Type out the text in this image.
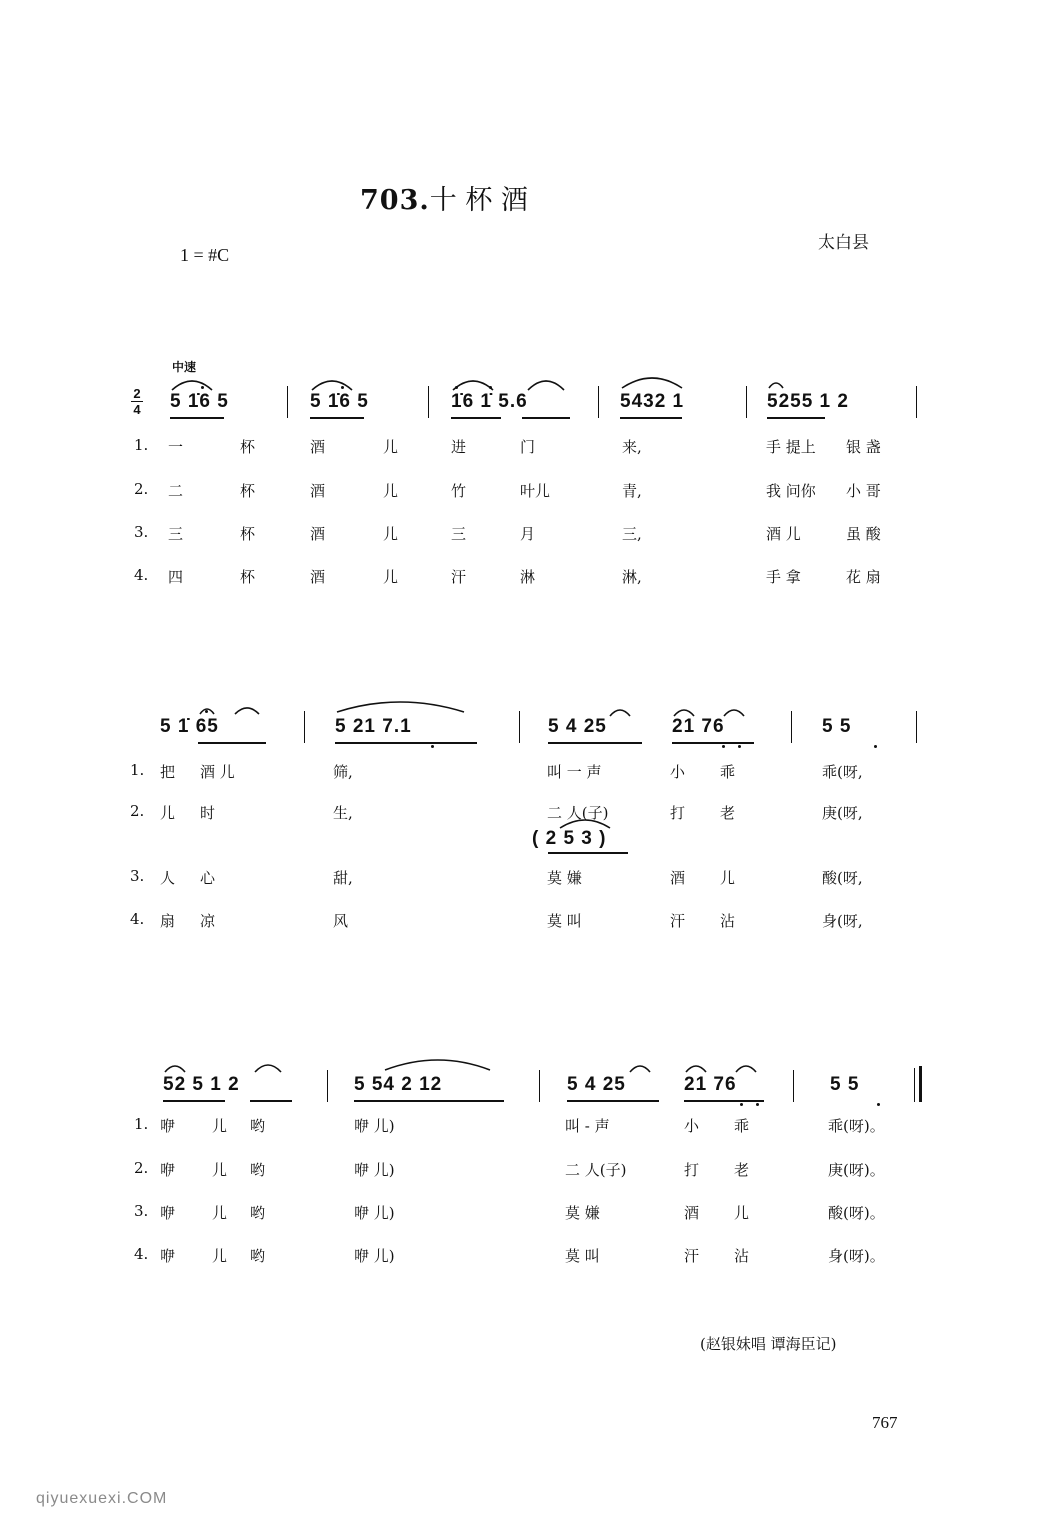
703.十 杯 酒
太白县
1 = #C
中速
2
4 5 1̇6 5	5 1̇6 5	1̇6 1̇ 5.6	5432 1	5255 1 2
1. 一	杯	酒	儿	进	门	来,	手 提上 银 盏
2. 二	杯	酒	儿	竹	叶儿	青,	我 问你 小 哥
3. 三	杯	酒	儿	三	月	三,	酒 儿	虽 酸
4. 四	杯	酒	儿	汗	淋	淋,	手 拿	花 扇
5 1̇ 65	5 21 7.1	5 4 25	21 76	5 5
( 2 5 3 )
1. 把 酒 儿	筛,	叫 一 声	小 乖	乖(呀,
2. 儿 时	生,	二 人(子)	打 老	庚(呀,
3. 人 心	甜,	莫 嫌	酒 儿	酸(呀,
4. 扇 凉	风	莫 叫	汗 沾	身(呀,
52 5 1 2	5 54 2 12	5 4 25	21 76	5 5
1. 咿 儿 哟	咿 儿)	叫 - 声	小 乖	乖(呀)。
2. 咿 儿 哟	咿 儿)	二 人(子)	打 老	庚(呀)。
3. 咿 儿 哟	咿 儿)	莫 嫌	酒 儿	酸(呀)。
4. 咿 儿 哟	咿 儿)	莫 叫	汗 沾	身(呀)。
(赵银妹唱 谭海臣记)
767
qiyuexuexi.COM
